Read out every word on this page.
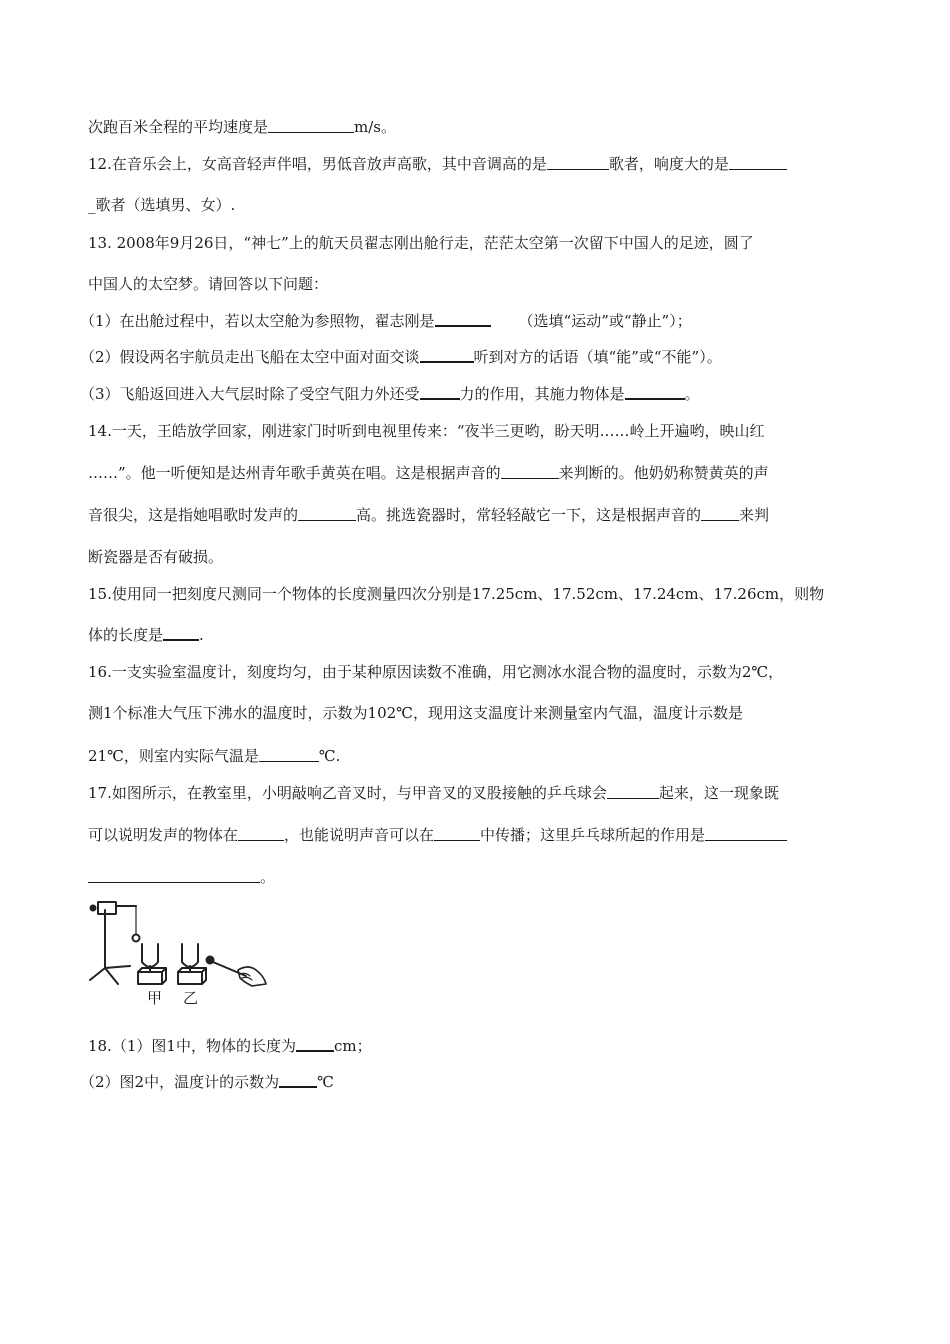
次跑百米全程的平均速度是	m/s。
12.在音乐会上，女高音轻声伴唱，男低音放声高歌，其中音调高的是	歌者，响度大的是
_歌者（选填男、女）.
13. 2008年9月26日，“神七”上的航天员翟志刚出舱行走，茫茫太空第一次留下中国人的足迹，圆了
中国人的太空梦。请回答以下问题：
（1）在出舱过程中，若以太空舱为参照物，翟志刚是	（选填“运动”或“静止”）；
（2）假设两名宇航员走出飞船在太空中面对面交谈	听到对方的话语（填“能”或“不能”）。
（3）飞船返回进入大气层时除了受空气阻力外还受	力的作用，其施力物体是	。
14.一天，王皓放学回家，刚进家门时听到电视里传来：“夜半三更哟，盼天明……岭上开遍哟，映山红
……”。他一听便知是达州青年歌手黄英在唱。这是根据声音的	来判断的。他奶奶称赞黄英的声
音很尖，这是指她唱歌时发声的	高。挑选瓷器时，常轻轻敲它一下，这是根据声音的	来判
断瓷器是否有破损。
15.使用同一把刻度尺测同一个物体的长度测量四次分别是17.25cm、17.52cm、17.24cm、17.26cm，则物
体的长度是 .
16.一支实验室温度计，刻度均匀，由于某种原因读数不准确，用它测冰水混合物的温度时，示数为2℃，
测1个标准大气压下沸水的温度时，示数为102℃，现用这支温度计来测量室内气温，温度计示数是
21℃，则室内实际气温是	℃.
17.如图所示，在教室里，小明敲响乙音叉时，与甲音叉的叉股接触的乒乓球会	起来，这一现象既
可以说明发声的物体在	，也能说明声音可以在	中传播；这里乒乓球所起的作用是
。
甲 乙
18.（1）图1中，物体的长度为	cm；
（2）图2中，温度计的示数为	℃
